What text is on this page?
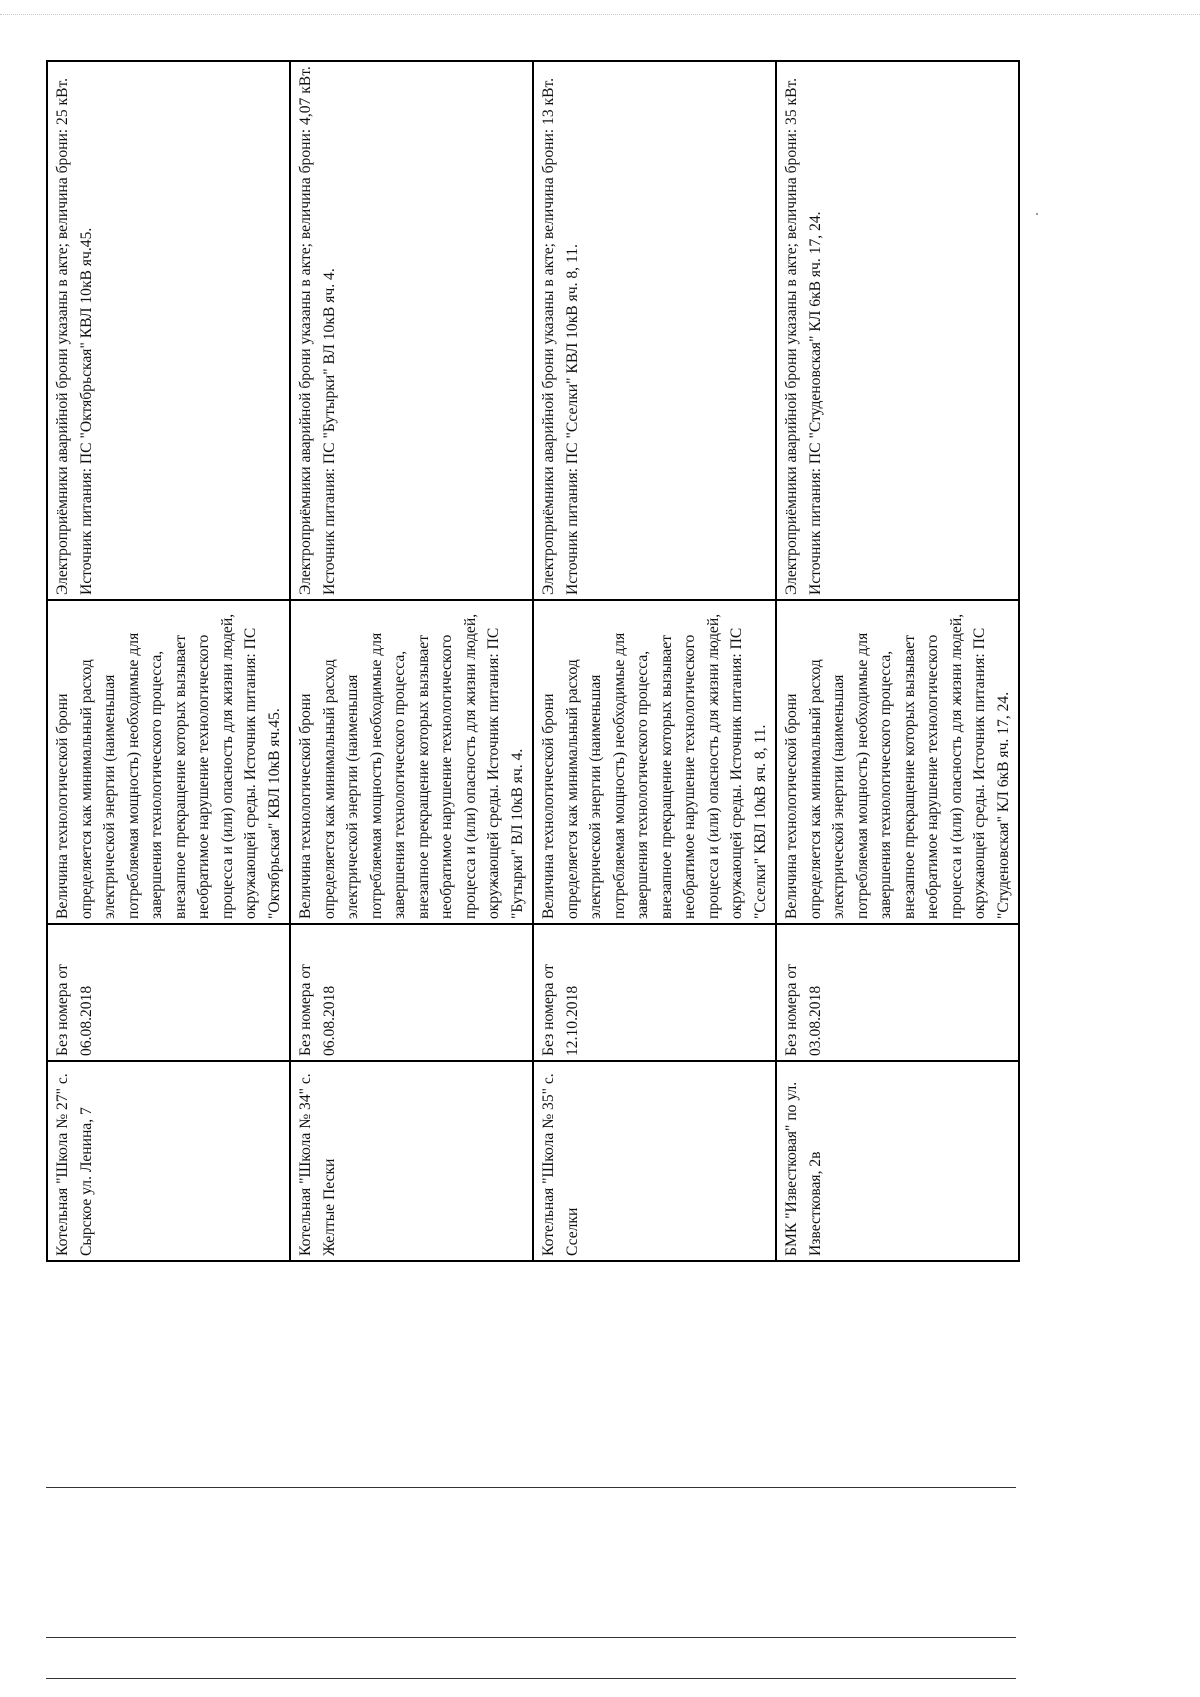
Котельная "Школа № 27" с. Сырское ул. Ленина, 7	Без номера от 06.08.2018	Величина технологической брони определяется как минимальный расход электрической энергии (наименьшая потребляемая мощность) необходимые для завершения технологического процесса, внезапное прекращение которых вызывает необратимое нарушение технологического процесса и (или) опасность для жизни людей, окружающей среды. Источник питания: ПС "Октябрьская" КВЛ 10кВ яч.45.	Электроприёмники аварийной брони указаны в акте; величина брони: 25 кВт. Источник питания: ПС "Октябрьская" КВЛ 10кВ яч.45.
Котельная "Школа № 34" с. Желтые Пески	Без номера от 06.08.2018	Величина технологической брони определяется как минимальный расход электрической энергии (наименьшая потребляемая мощность) необходимые для завершения технологического процесса, внезапное прекращение которых вызывает необратимое нарушение технологического процесса и (или) опасность для жизни людей, окружающей среды. Источник питания: ПС "Бутырки" ВЛ 10кВ яч. 4.	Электроприёмники аварийной брони указаны в акте; величина брони: 4,07 кВт. Источник питания: ПС "Бутырки" ВЛ 10кВ яч. 4.
Котельная "Школа № 35" с. Сселки	Без номера от 12.10.2018	Величина технологической брони определяется как минимальный расход электрической энергии (наименьшая потребляемая мощность) необходимые для завершения технологического процесса, внезапное прекращение которых вызывает необратимое нарушение технологического процесса и (или) опасность для жизни людей, окружающей среды. Источник питания: ПС "Сселки" КВЛ 10кВ яч. 8, 11.	Электроприёмники аварийной брони указаны в акте; величина брони: 13 кВт. Источник питания: ПС "Сселки" КВЛ 10кВ яч. 8, 11.
БМК "Известковая" по ул. Известковая, 2в	Без номера от 03.08.2018	Величина технологической брони определяется как минимальный расход электрической энергии (наименьшая потребляемая мощность) необходимые для завершения технологического процесса, внезапное прекращение которых вызывает необратимое нарушение технологического процесса и (или) опасность для жизни людей, окружающей среды. Источник питания: ПС "Студеновская" КЛ 6кВ яч. 17, 24.	Электроприёмники аварийной брони указаны в акте; величина брони: 35 кВт. Источник питания: ПС "Студеновская" КЛ 6кВ яч. 17, 24.
